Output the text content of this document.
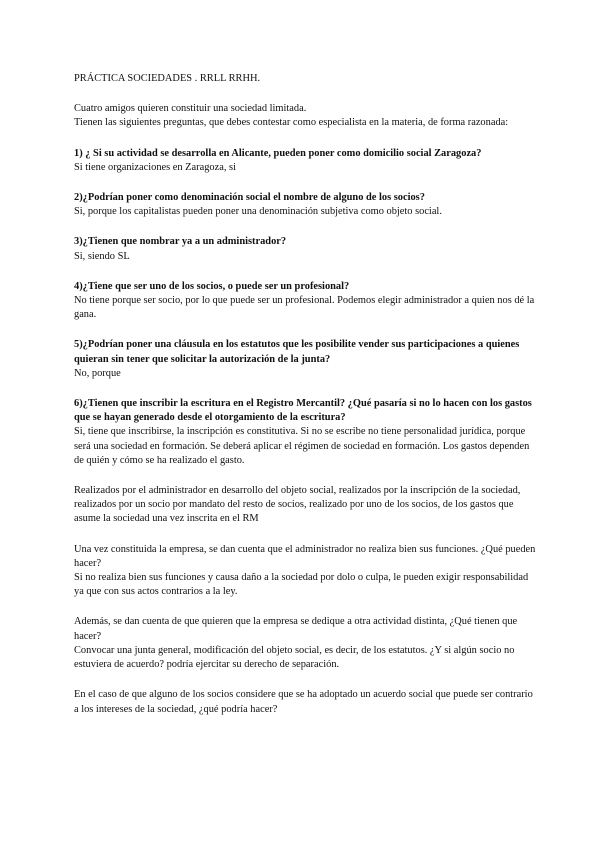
PRÁCTICA SOCIEDADES . RRLL RRHH.

Cuatro amigos quieren constituir una sociedad limitada.

Tienen las siguientes preguntas, que debes contestar como especialista en la materia, de forma razonada:

1) ¿ Si su actividad se desarrolla en Alicante, pueden poner como domicilio social Zaragoza?

Si tiene organizaciones en Zaragoza, si

2)¿Podrían poner como denominación social el nombre de alguno de los socios?

Si, porque los capitalistas pueden poner una denominación subjetiva como objeto social.

3)¿Tienen que nombrar ya a un administrador?

Si, siendo SL

4)¿Tiene que ser uno de los socios, o puede ser un profesional?

No tiene porque ser socio, por lo que puede ser un profesional. Podemos elegir administrador a quien nos dé la gana.

5)¿Podrían poner una cláusula en los estatutos que les posibilite vender sus participaciones a quienes quieran sin tener que solicitar la autorización de la junta?

No, porque

6)¿Tienen que inscribir la escritura en el Registro Mercantil? ¿Qué pasaría si no lo hacen con los gastos que se hayan generado desde el otorgamiento de la escritura?

Si, tiene que inscribirse, la inscripción es constitutiva. Si no se escribe no tiene personalidad jurídica, porque será una sociedad en formación. Se deberá aplicar el régimen de sociedad en formación. Los gastos dependen de quién y cómo se ha realizado el gasto.

Realizados por el administrador en desarrollo del objeto social, realizados por la inscripción de la sociedad, realizados por un socio por mandato del resto de socios, realizado por uno de los socios, de los gastos que asume la sociedad una vez inscrita en el RM

Una vez constituida la empresa, se dan cuenta que el administrador no realiza bien sus funciones. ¿Qué pueden hacer?
Si no realiza bien sus funciones y causa daño a la sociedad por dolo o culpa, le pueden exigir responsabilidad ya que con sus actos contrarios a la ley.

Además, se dan cuenta de que quieren que la empresa se dedique a otra actividad distinta, ¿Qué tienen que hacer?
Convocar una junta general, modificación del objeto social, es decir, de los estatutos. ¿Y si algún socio no estuviera de acuerdo? podría ejercitar su derecho de separación.

En el caso de que alguno de los socios considere que se ha adoptado un acuerdo social que puede ser contrario a los intereses de la sociedad, ¿qué podría hacer?
